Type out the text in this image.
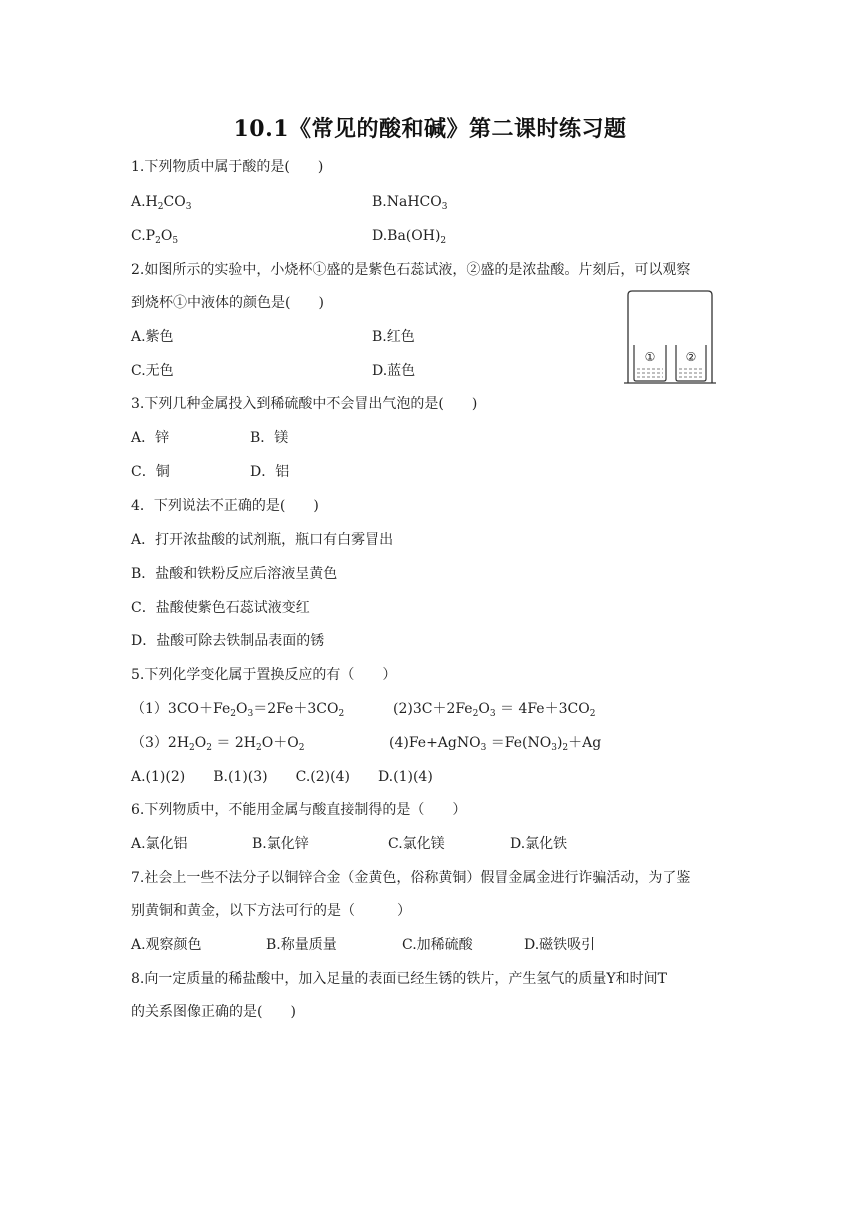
10.1《常见的酸和碱》第二课时练习题
1.下列物质中属于酸的是(　　)
$A.H_2CO_3$	B.NaHCO$_3$
$C.P_2O_5$	$D.Ba(OH)_2$
2.如图所示的实验中，小烧杯①盛的是紫色石蕊试液，②盛的是浓盐酸。片刻后，可以观察
到烧杯①中液体的颜色是(　　)
A.紫色	B.红色
C.无色	D.蓝色
①	②
3.下列几种金属投入到稀硫酸中不会冒出气泡的是(　　)
A．锌	B．镁
C．铜	D．铝
4．下列说法不正确的是(　　)
A．打开浓盐酸的试剂瓶，瓶口有白雾冒出
B．盐酸和铁粉反应后溶液呈黄色
C．盐酸使紫色石蕊试液变红
D．盐酸可除去铁制品表面的锈
5.下列化学变化属于置换反应的有（　　）
$(1)3CO+Fe_2O_3=2Fe+3CO_2$	$(2)3C+2Fe_2O_3 = 4Fe+3CO_2$
$(3)2H_2O_2 = 2H_2O+O_2$	(4)Fe+AgNO$_3$ $=Fe(NO_3)_2+Ag$
A.(1)(2)　　B.(1)(3)　　C.(2)(4)　　D.(1)(4)
6.下列物质中，不能用金属与酸直接制得的是（　　）
A.氯化铝	B.氯化锌	C.氯化镁	D.氯化铁
7.社会上一些不法分子以铜锌合金（金黄色，俗称黄铜）假冒金属金进行诈骗活动，为了鉴
别黄铜和黄金，以下方法可行的是（　　　）
A.观察颜色	B.称量质量	C.加稀硫酸	D.磁铁吸引
8.向一定质量的稀盐酸中，加入足量的表面已经生锈的铁片，产生氢气的质量Y和时间T
的关系图像正确的是(　　)
